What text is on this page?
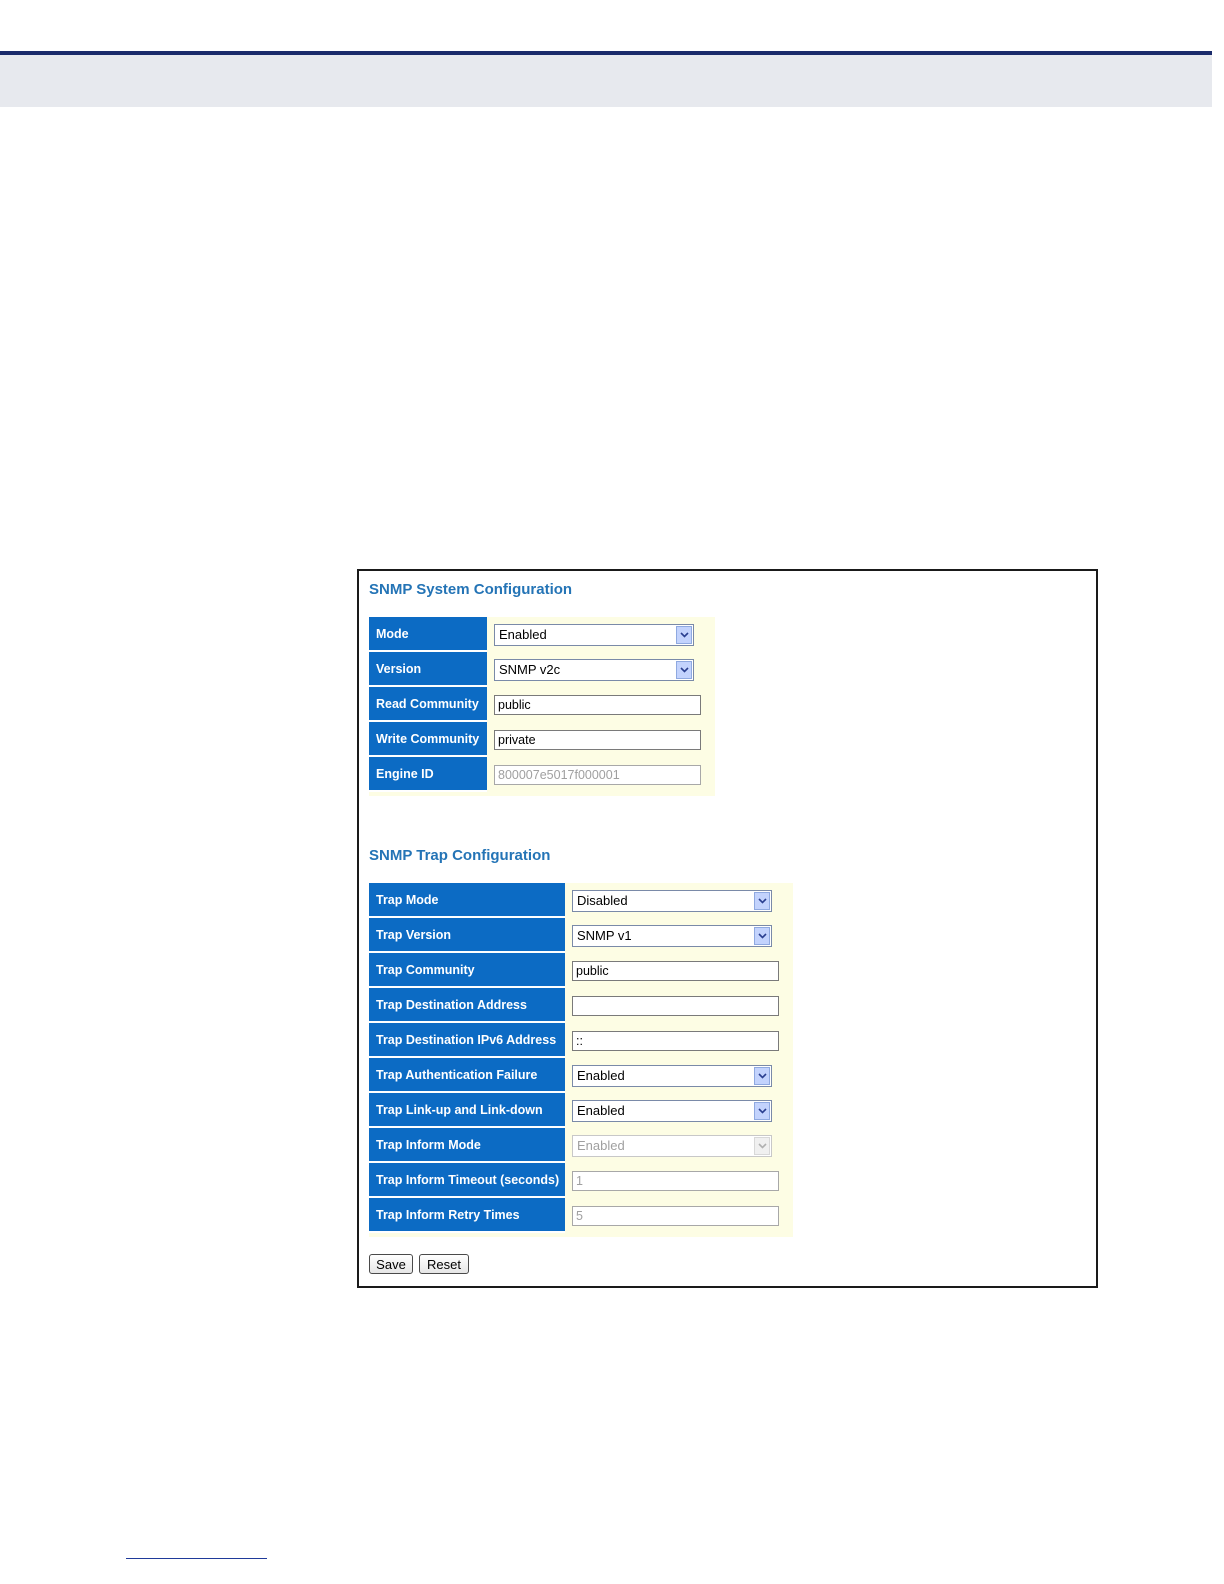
SNMP System Configuration
Mode	Enabled
Version	SNMP v2c
Read Community	public
Write Community	private
Engine ID	800007e5017f000001
SNMP Trap Configuration
Trap Mode	Disabled
Trap Version	SNMP v1
Trap Community	public
Trap Destination Address
Trap Destination IPv6 Address	::
Trap Authentication Failure	Enabled
Trap Link-up and Link-down	Enabled
Trap Inform Mode	Enabled
Trap Inform Timeout (seconds)	1
Trap Inform Retry Times	5
Save	Reset
